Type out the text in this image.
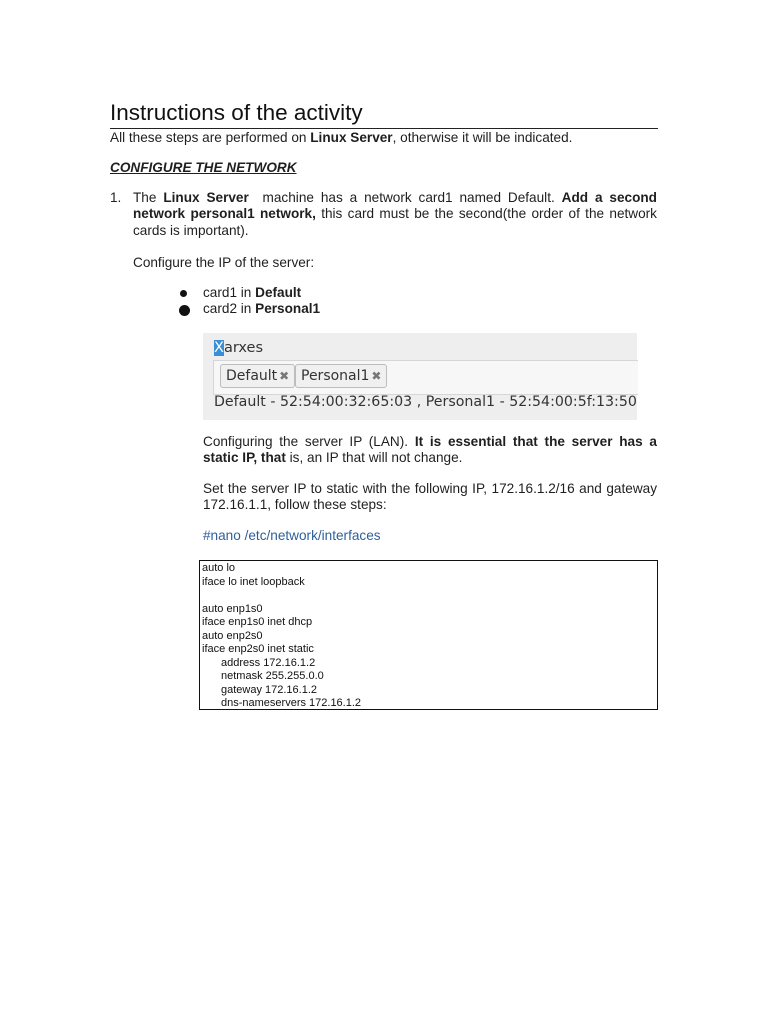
Instructions of the activity
All these steps are performed on Linux Server, otherwise it will be indicated.
CONFIGURE THE NETWORK
1. The Linux Server  machine has a network card1 named Default. Add a second network personal1 network, this card must be the second(the order of the network cards is important).
Configure the IP of the server:
card1 in Default
card2 in Personal1
Xarxes
Default ✖ Personal1 ✖
Default - 52:54:00:32:65:03 , Personal1 - 52:54:00:5f:13:50
Configuring the server IP (LAN). It is essential that the server has a static IP, that is, an IP that will not change.
Set the server IP to static with the following IP, 172.16.1.2/16 and gateway 172.16.1.1, follow these steps:
#nano /etc/network/interfaces
auto lo
iface lo inet loopback
auto enp1s0
iface enp1s0 inet dhcp
auto enp2s0
iface enp2s0 inet static
address 172.16.1.2
netmask 255.255.0.0
gateway 172.16.1.2
dns-nameservers 172.16.1.2
